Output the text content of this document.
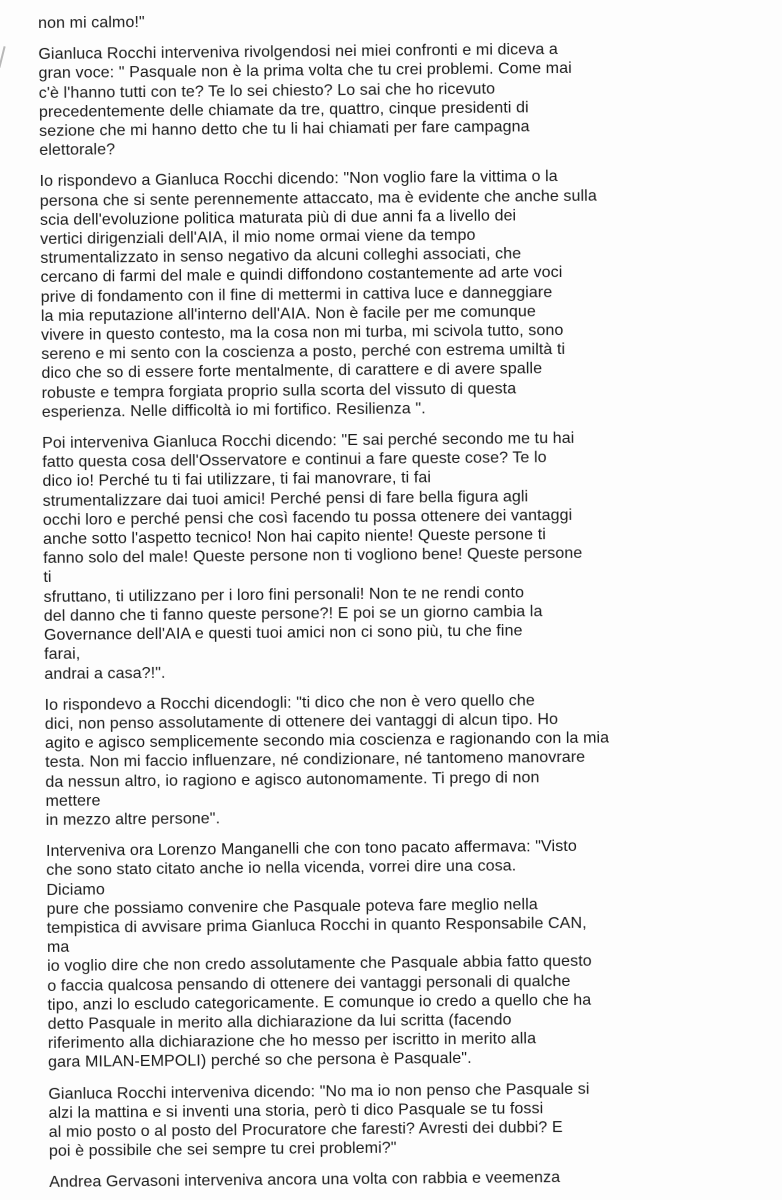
non mi calmo!"

Gianluca Rocchi interveniva rivolgendosi nei miei confronti e mi diceva a
gran voce: " Pasquale non è la prima volta che tu crei problemi. Come mai
c'è l'hanno tutti con te? Te lo sei chiesto? Lo sai che ho ricevuto
precedentemente delle chiamate da tre, quattro, cinque presidenti di
sezione che mi hanno detto che tu li hai chiamati per fare campagna
elettorale?

Io rispondevo a Gianluca Rocchi dicendo: "Non voglio fare la vittima o la
persona che si sente perennemente attaccato, ma è evidente che anche sulla
scia dell'evoluzione politica maturata più di due anni fa a livello dei
vertici dirigenziali dell'AIA, il mio nome ormai viene da tempo
strumentalizzato in senso negativo da alcuni colleghi associati, che
cercano di farmi del male e quindi diffondono costantemente ad arte voci
prive di fondamento con il fine di mettermi in cattiva luce e danneggiare
la mia reputazione all'interno dell'AIA. Non è facile per me comunque
vivere in questo contesto, ma la cosa non mi turba, mi scivola tutto, sono
sereno e mi sento con la coscienza a posto, perché con estrema umiltà ti
dico che so di essere forte mentalmente, di carattere e di avere spalle
robuste e tempra forgiata proprio sulla scorta del vissuto di questa
esperienza. Nelle difficoltà io mi fortifico. Resilienza ".

Poi interveniva Gianluca Rocchi dicendo: "E sai perché secondo me tu hai
fatto questa cosa dell'Osservatore e continui a fare queste cose? Te lo
dico io! Perché tu ti fai utilizzare, ti fai manovrare, ti fai
strumentalizzare dai tuoi amici! Perché pensi di fare bella figura agli
occhi loro e perché pensi che così facendo tu possa ottenere dei vantaggi
anche sotto l'aspetto tecnico! Non hai capito niente! Queste persone ti
fanno solo del male! Queste persone non ti vogliono bene! Queste persone
ti
sfruttano, ti utilizzano per i loro fini personali! Non te ne rendi conto
del danno che ti fanno queste persone?! E poi se un giorno cambia la
Governance dell'AIA e questi tuoi amici non ci sono più, tu che fine
farai,
andrai a casa?!".

Io rispondevo a Rocchi dicendogli: "ti dico che non è vero quello che
dici, non penso assolutamente di ottenere dei vantaggi di alcun tipo. Ho
agito e agisco semplicemente secondo mia coscienza e ragionando con la mia
testa. Non mi faccio influenzare, né condizionare, né tantomeno manovrare
da nessun altro, io ragiono e agisco autonomamente. Ti prego di non
mettere
in mezzo altre persone".

Interveniva ora Lorenzo Manganelli che con tono pacato affermava: "Visto
che sono stato citato anche io nella vicenda, vorrei dire una cosa.
Diciamo
pure che possiamo convenire che Pasquale poteva fare meglio nella
tempistica di avvisare prima Gianluca Rocchi in quanto Responsabile CAN,
ma
io voglio dire che non credo assolutamente che Pasquale abbia fatto questo
o faccia qualcosa pensando di ottenere dei vantaggi personali di qualche
tipo, anzi lo escludo categoricamente. E comunque io credo a quello che ha
detto Pasquale in merito alla dichiarazione da lui scritta (facendo
riferimento alla dichiarazione che ho messo per iscritto in merito alla
gara MILAN-EMPOLI) perché so che persona è Pasquale".

Gianluca Rocchi interveniva dicendo: "No ma io non penso che Pasquale si
alzi la mattina e si inventi una storia, però ti dico Pasquale se tu fossi
al mio posto o al posto del Procuratore che faresti? Avresti dei dubbi? E
poi è possibile che sei sempre tu crei problemi?"

Andrea Gervasoni interveniva ancora una volta con rabbia e veemenza
